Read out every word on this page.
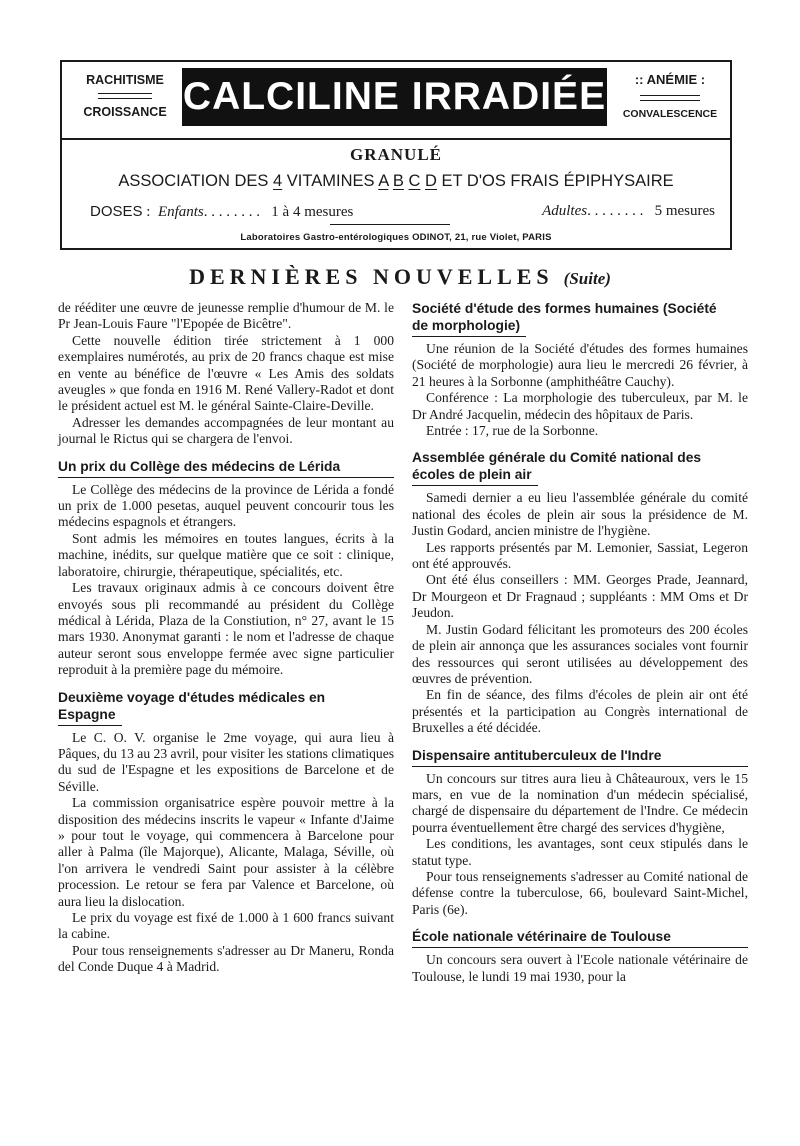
RACHITISME
CROISSANCE CALCILINE IRRADIÉE	:: ANÉMIE :
CONVALESCENCE
GRANULÉ
ASSOCIATION DES 4 VITAMINES A B C D ET D'OS FRAIS ÉPIPHYSAIRE
DOSES :  Enfants. . . . . . . .   1 à 4 mesures	Adultes. . . . . . . .   5 mesures
Laboratoires Gastro-entérologiques ODINOT, 21, rue Violet, PARIS
DERNIÈRES NOUVELLES (Suite)

de rééditer une œuvre de jeunesse remplie d'humour de M. le Pr Jean-Louis Faure "l'Epopée de Bicêtre".

Cette nouvelle édition tirée strictement à 1 000 exemplaires numérotés, au prix de 20 francs chaque est mise en vente au bénéfice de l'œuvre « Les Amis des soldats aveugles » que fonda en 1916 M. René Vallery-Radot et dont le président actuel est M. le général Sainte-Claire-Deville.

Adresser les demandes accompagnées de leur montant au journal le Rictus qui se chargera de l'envoi.

Un prix du Collège des médecins de Lérida

Le Collège des médecins de la province de Lérida a fondé un prix de 1.000 pesetas, auquel peuvent concourir tous les médecins espagnols et étrangers.

Sont admis les mémoires en toutes langues, écrits à la machine, inédits, sur quelque matière que ce soit : clinique, laboratoire, chirurgie, thérapeutique, spécialités, etc.

Les travaux originaux admis à ce concours doivent être envoyés sous pli recommandé au président du Collège médical à Lérida, Plaza de la Constiution, n° 27, avant le 15 mars 1930. Anonymat garanti : le nom et l'adresse de chaque auteur seront sous enveloppe fermée avec signe particulier reproduit à la première page du mémoire.

Deuxième voyage d'études médicales en
Espagne

Le C. O. V. organise le 2me voyage, qui aura lieu à Pâques, du 13 au 23 avril, pour visiter les stations climatiques du sud de l'Espagne et les expositions de Barcelone et de Séville.

La commission organisatrice espère pouvoir mettre à la disposition des médecins inscrits le vapeur « Infante d'Jaime » pour tout le voyage, qui commencera à Barcelone pour aller à Palma (île Majorque), Alicante, Malaga, Séville, où l'on arrivera le vendredi Saint pour assister à la célèbre procession. Le retour se fera par Valence et Barcelone, où aura lieu la dislocation.

Le prix du voyage est fixé de 1.000 à 1 600 francs suivant la cabine.

Pour tous renseignements s'adresser au Dr Maneru, Ronda del Conde Duque 4 à Madrid.

Société d'étude des formes humaines (Société
de morphologie)

Une réunion de la Société d'études des formes humaines (Société de morphologie) aura lieu le mercredi 26 février, à 21 heures à la Sorbonne (amphithéâtre Cauchy).

Conférence : La morphologie des tuberculeux, par M. le Dr André Jacquelin, médecin des hôpitaux de Paris.

Entrée : 17, rue de la Sorbonne.

Assemblée générale du Comité national des
écoles de plein air

Samedi dernier a eu lieu l'assemblée générale du comité national des écoles de plein air sous la présidence de M. Justin Godard, ancien ministre de l'hygiène.

Les rapports présentés par M. Lemonier, Sassiat, Legeron ont été approuvés.

Ont été élus conseillers : MM. Georges Prade, Jeannard, Dr Mourgeon et Dr Fragnaud ; suppléants : MM Oms et Dr Jeudon.

M. Justin Godard félicitant les promoteurs des 200 écoles de plein air annonça que les assurances sociales vont fournir des ressources qui seront utilisées au développement des œuvres de prévention.

En fin de séance, des films d'écoles de plein air ont été présentés et la participation au Congrès international de Bruxelles a été décidée.

Dispensaire antituberculeux de l'Indre

Un concours sur titres aura lieu à Châteauroux, vers le 15 mars, en vue de la nomination d'un médecin spécialisé, chargé de dispensaire du département de l'Indre. Ce médecin pourra éventuellement être chargé des services d'hygiène,

Les conditions, les avantages, sont ceux stipulés dans le statut type.

Pour tous renseignements s'adresser au Comité national de défense contre la tuberculose, 66, boulevard Saint-Michel, Paris (6e).

École nationale vétérinaire de Toulouse

Un concours sera ouvert à l'Ecole nationale vétérinaire de Toulouse, le lundi 19 mai 1930, pour la
